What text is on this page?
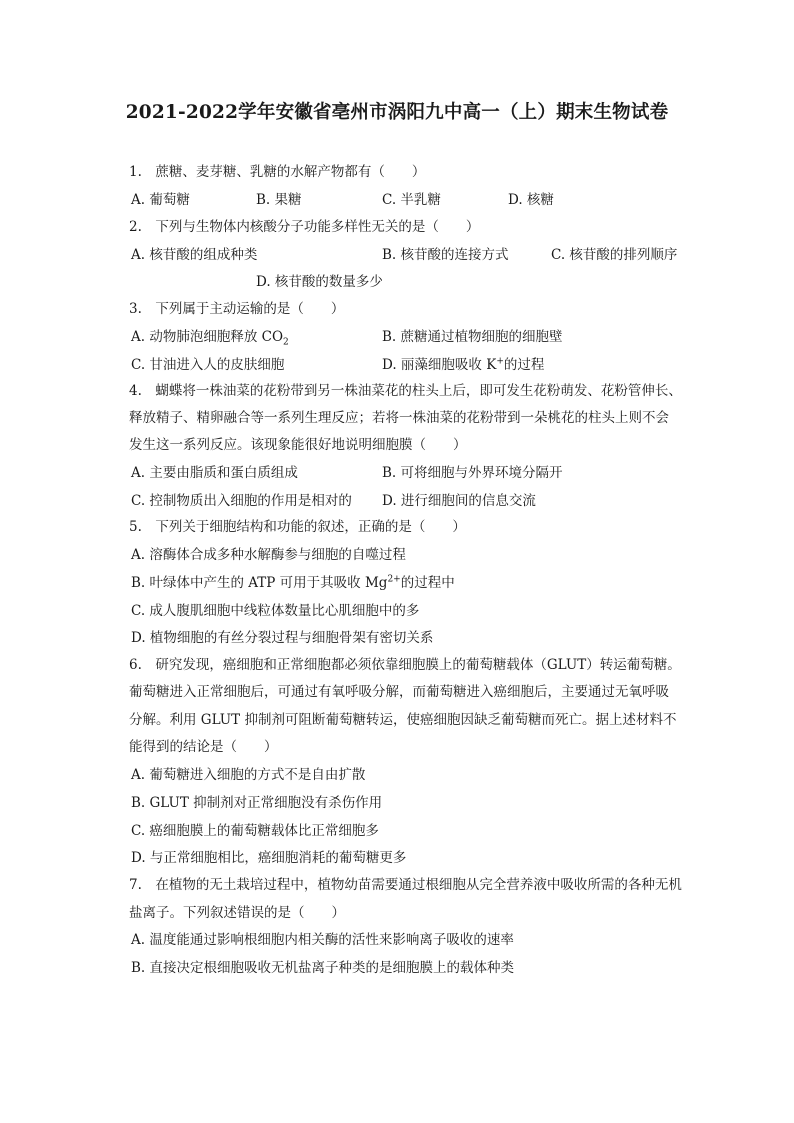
2021-2022学年安徽省亳州市涡阳九中高一（上）期末生物试卷
1.　蔗糖、麦芽糖、乳糖的水解产物都有（　　）
A. 葡萄糖	B. 果糖	C. 半乳糖	D. 核糖
2.　下列与生物体内核酸分子功能多样性无关的是（　　）
A. 核苷酸的组成种类	B. 核苷酸的连接方式	C. 核苷酸的排列顺序
D. 核苷酸的数量多少
3.　下列属于主动运输的是（　　）
A. 动物肺泡细胞释放 $CO_2$	B. 蔗糖通过植物细胞的细胞壁
C. 甘油进入人的皮肤细胞	D. 丽藻细胞吸收 K+的过程
4.　蝴蝶将一株油菜的花粉带到另一株油菜花的柱头上后，即可发生花粉萌发、花粉管伸长、
释放精子、精卵融合等一系列生理反应；若将一株油菜的花粉带到一朵桃花的柱头上则不会
发生这一系列反应。该现象能很好地说明细胞膜（　　）
A. 主要由脂质和蛋白质组成	B. 可将细胞与外界环境分隔开
C. 控制物质出入细胞的作用是相对的 D. 进行细胞间的信息交流
5.　下列关于细胞结构和功能的叙述，正确的是（　　）
A. 溶酶体合成多种水解酶参与细胞的自噬过程
B. 叶绿体中产生的 ATP 可用于其吸收 $Mg^{2+}$的过程中
C. 成人腹肌细胞中线粒体数量比心肌细胞中的多
D. 植物细胞的有丝分裂过程与细胞骨架有密切关系
6.　研究发现，癌细胞和正常细胞都必须依靠细胞膜上的葡萄糖载体（GLUT）转运葡萄糖。
葡萄糖进入正常细胞后，可通过有氧呼吸分解，而葡萄糖进入癌细胞后，主要通过无氧呼吸
分解。利用 GLUT 抑制剂可阻断葡萄糖转运，使癌细胞因缺乏葡萄糖而死亡。据上述材料不
能得到的结论是（　　）
A. 葡萄糖进入细胞的方式不是自由扩散
B. GLUT 抑制剂对正常细胞没有杀伤作用
C. 癌细胞膜上的葡萄糖载体比正常细胞多
D. 与正常细胞相比，癌细胞消耗的葡萄糖更多
7.　在植物的无土栽培过程中，植物幼苗需要通过根细胞从完全营养液中吸收所需的各种无机
盐离子。下列叙述错误的是（　　）
A. 温度能通过影响根细胞内相关酶的活性来影响离子吸收的速率
B. 直接决定根细胞吸收无机盐离子种类的是细胞膜上的载体种类
